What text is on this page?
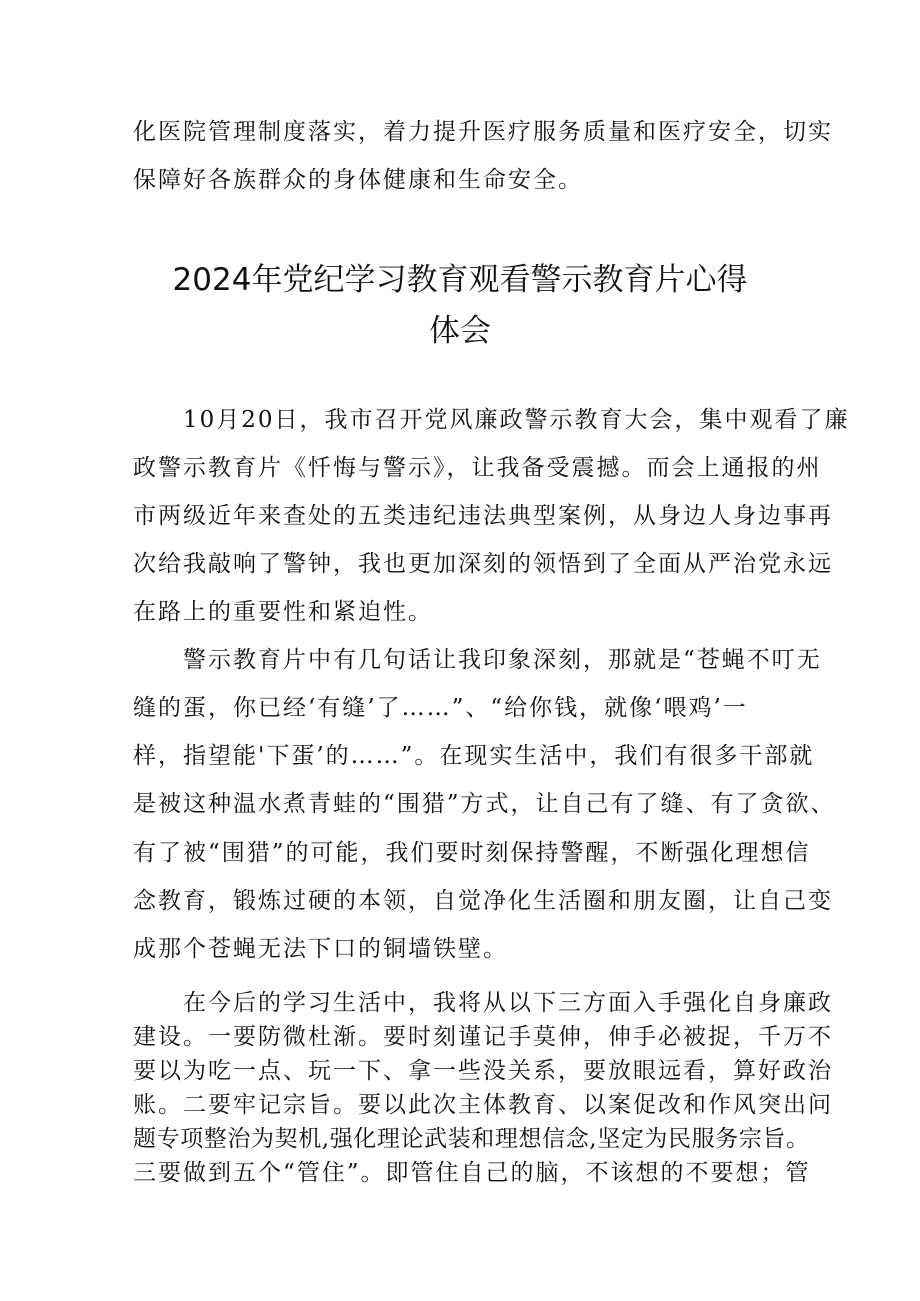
化医院管理制度落实，着力提升医疗服务质量和医疗安全，切实
保障好各族群众的身体健康和生命安全。
2024年党纪学习教育观看警示教育片心得
体会
10月20日，我市召开党风廉政警示教育大会，集中观看了廉
政警示教育片《忏悔与警示》，让我备受震撼。而会上通报的州
市两级近年来查处的五类违纪违法典型案例，从身边人身边事再
次给我敲响了警钟，我也更加深刻的领悟到了全面从严治党永远
在路上的重要性和紧迫性。
警示教育片中有几句话让我印象深刻，那就是“苍蝇不叮无
缝的蛋，你已经‘有缝’了……”、“给你钱，就像‘喂鸡’一
样，指望能'下蛋’的……”。在现实生活中，我们有很多干部就
是被这种温水煮青蛙的“围猎”方式，让自己有了缝、有了贪欲、
有了被“围猎”的可能，我们要时刻保持警醒，不断强化理想信
念教育，锻炼过硬的本领，自觉净化生活圈和朋友圈，让自己变
成那个苍蝇无法下口的铜墙铁壁。
在今后的学习生活中，我将从以下三方面入手强化自身廉政
建设。一要防微杜渐。要时刻谨记手莫伸，伸手必被捉，千万不
要以为吃一点、玩一下、拿一些没关系，要放眼远看，算好政治
账。二要牢记宗旨。要以此次主体教育、以案促改和作风突出问
题专项整治为契机,强化理论武装和理想信念,坚定为民服务宗旨。
三要做到五个“管住”。即管住自己的脑，不该想的不要想；管
